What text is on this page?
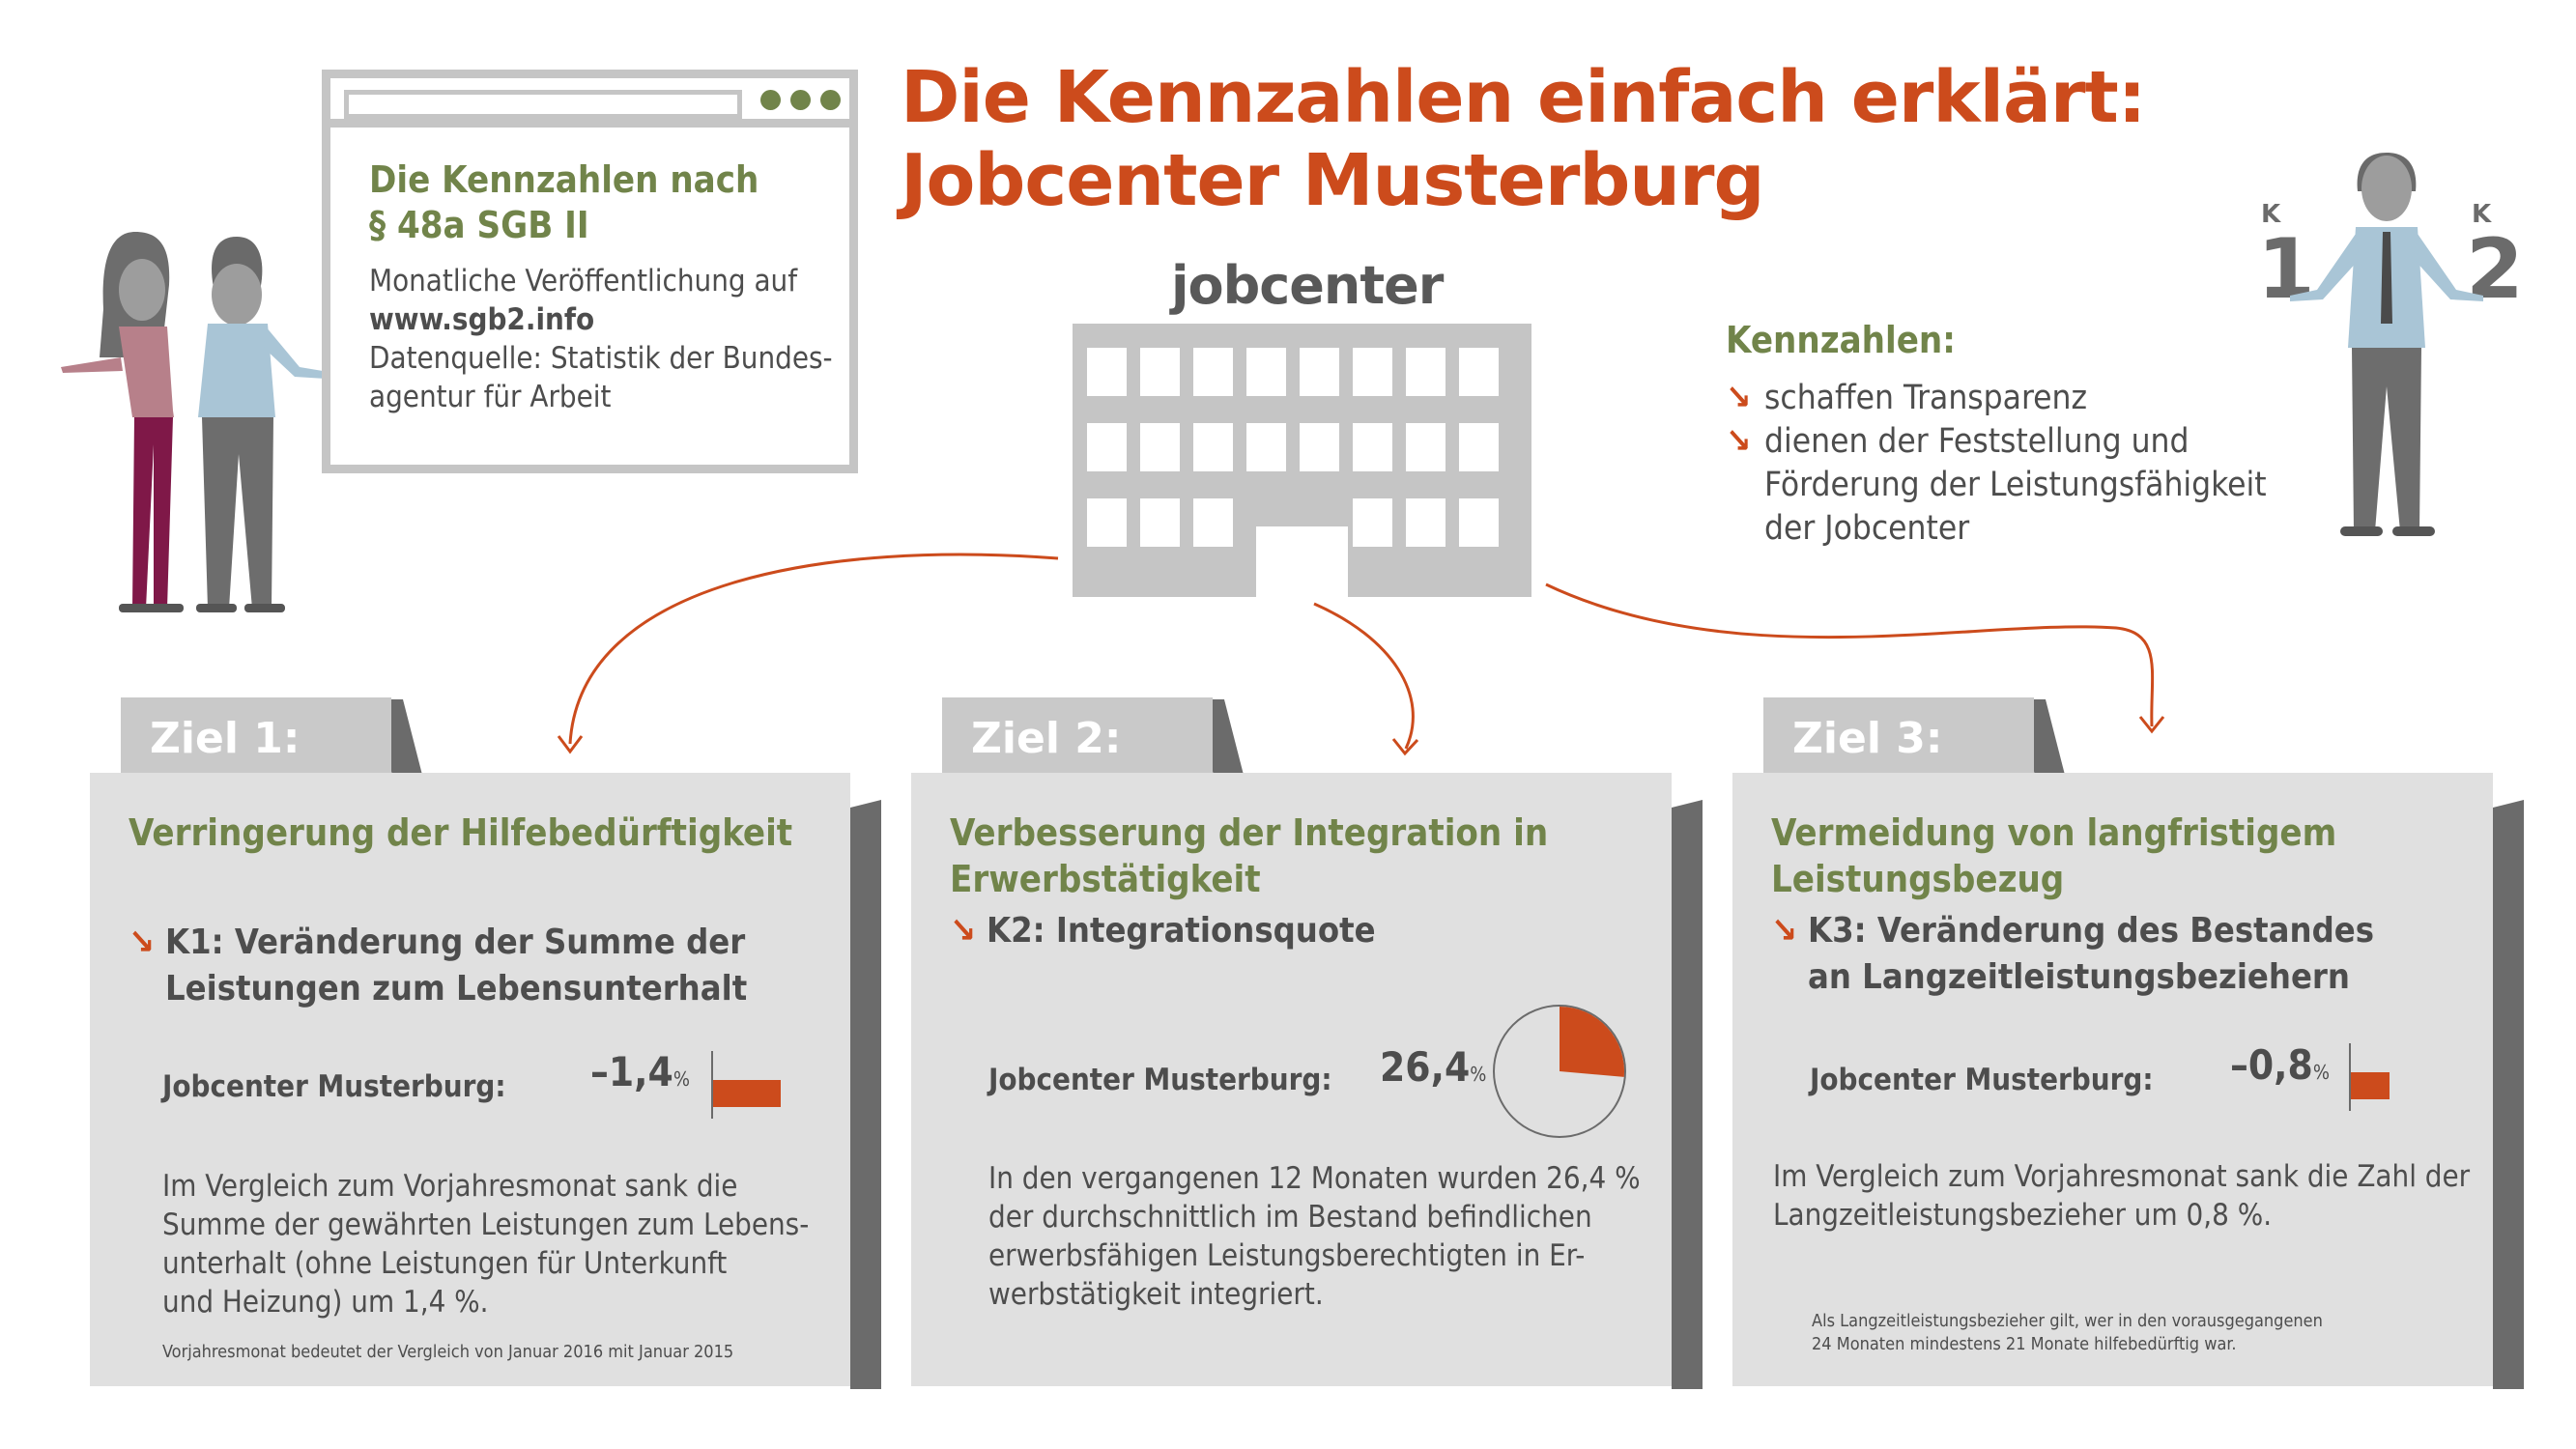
Die Kennzahlen einfach erklärt:
Jobcenter Musterburg
Die Kennzahlen nach
§ 48a SGB II

Monatliche Veröffentlichung auf
www.sgb2.info
Datenquelle: Statistik der Bundes-
agentur für Arbeit

jobcenter
Kennzahlen:
↘ schaffen Transparenz
↘ dienen der Feststellung und
Förderung der Leistungsfähigkeit
der Jobcenter
K
1
K
2
Ziel 1:
Verringerung der Hilfebedürftigkeit
↘ K1: Veränderung der Summe der
Leistungen zum Lebensunterhalt

Jobcenter Musterburg: –1,4%

Im Vergleich zum Vorjahresmonat sank die
Summe der gewährten Leistungen zum Lebens-
unterhalt (ohne Leistungen für Unterkunft
und Heizung) um 1,4 %.

Vorjahresmonat bedeutet der Vergleich von Januar 2016 mit Januar 2015

Ziel 2:
Verbesserung der Integration in
Erwerbstätigkeit
↘ K2: Integrationsquote

Jobcenter Musterburg: 26,4%

In den vergangenen 12 Monaten wurden 26,4 %
der durchschnittlich im Bestand befindlichen
erwerbsfähigen Leistungsberechtigten in Er-
werbstätigkeit integriert.

Ziel 3:
Vermeidung von langfristigem
Leistungsbezug
↘ K3: Veränderung des Bestandes
an Langzeitleistungsbeziehern

Jobcenter Musterburg: –0,8%

Im Vergleich zum Vorjahresmonat sank die Zahl der
Langzeitleistungsbezieher um 0,8 %.

Als Langzeitleistungsbezieher gilt, wer in den vorausgegangenen
24 Monaten mindestens 21 Monate hilfebedürftig war.
